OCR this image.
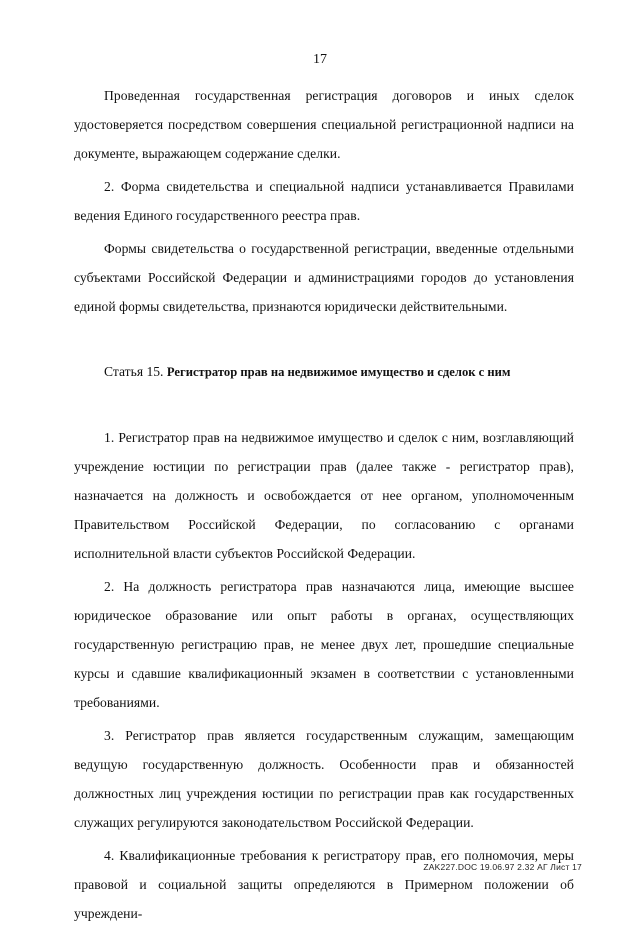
17

Проведенная государственная регистрация договоров и иных сделок удостоверяется посредством совершения специальной регистрационной надписи на документе, выражающем содержание сделки.

2. Форма свидетельства и специальной надписи устанавливается Правилами ведения Единого государственного реестра прав.

Формы свидетельства о государственной регистрации, введенные отдельными субъектами Российской Федерации и администрациями городов до установления единой формы свидетельства, признаются юридически действительными.

Статья 15. Регистратор прав на недвижимое имущество и сделок с ним

1. Регистратор прав на недвижимое имущество и сделок с ним, возглавляющий учреждение юстиции по регистрации прав (далее также - регистратор прав), назначается на должность и освобождается от нее органом, уполномоченным Правительством Российской Федерации, по согласованию с органами исполнительной власти субъектов Российской Федерации.

2. На должность регистратора прав назначаются лица, имеющие высшее юридическое образование или опыт работы в органах, осуществляющих государственную регистрацию прав, не менее двух лет, прошедшие специальные курсы и сдавшие квалификационный экзамен в соответствии с установленными требованиями.

3. Регистратор прав является государственным служащим, замещающим ведущую государственную должность. Особенности прав и обязанностей должностных лиц учреждения юстиции по регистрации прав как государственных служащих регулируются законодательством Российской Федерации.

4. Квалификационные требования к регистратору прав, его полномочия, меры правовой и социальной защиты определяются в Примерном положении об учреждени-

ZAK227.DOC 19.06.97 2.32 АГ Лист 17
